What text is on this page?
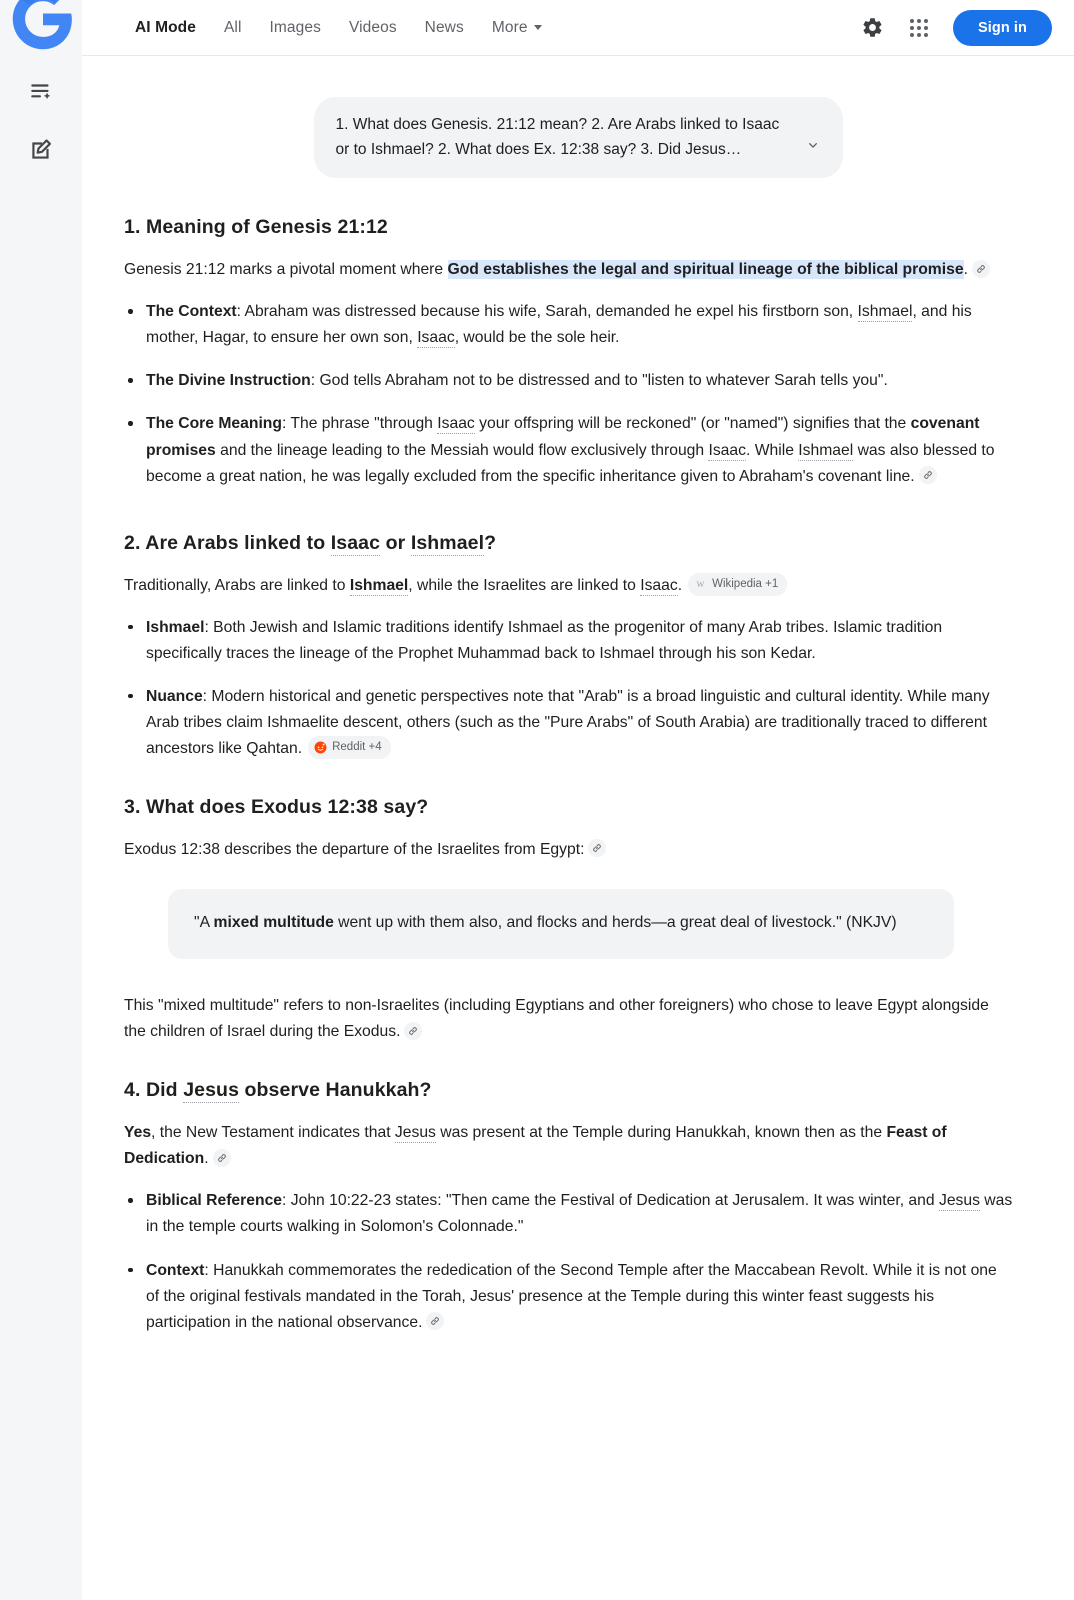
AI Mode	All	Images	Videos	News	More	Sign in
1. What does Genesis. 21:12 mean? 2. Are Arabs linked to Isaac or to Ishmael? 2. What does Ex. 12:38 say? 3. Did Jesus…
1. Meaning of Genesis 21:12

Genesis 21:12 marks a pivotal moment where God establishes the legal and spiritual lineage of the biblical promise.

The Context: Abraham was distressed because his wife, Sarah, demanded he expel his firstborn son, Ishmael, and his mother, Hagar, to ensure her own son, Isaac, would be the sole heir.
The Divine Instruction: God tells Abraham not to be distressed and to "listen to whatever Sarah tells you".
The Core Meaning: The phrase "through Isaac your offspring will be reckoned" (or "named") signifies that the covenant promises and the lineage leading to the Messiah would flow exclusively through Isaac. While Ishmael was also blessed to become a great nation, he was legally excluded from the specific inheritance given to Abraham's covenant line.
2. Are Arabs linked to Isaac or Ishmael?

Traditionally, Arabs are linked to Ishmael, while the Israelites are linked to Isaac. W Wikipedia +1

Ishmael: Both Jewish and Islamic traditions identify Ishmael as the progenitor of many Arab tribes. Islamic tradition specifically traces the lineage of the Prophet Muhammad back to Ishmael through his son Kedar.
Nuance: Modern historical and genetic perspectives note that "Arab" is a broad linguistic and cultural identity. While many Arab tribes claim Ishmaelite descent, others (such as the "Pure Arabs" of South Arabia) are traditionally traced to different ancestors like Qahtan.	Reddit +4
3. What does Exodus 12:38 say?

Exodus 12:38 describes the departure of the Israelites from Egypt:

"A mixed multitude went up with them also, and flocks and herds—a great deal of livestock." (NKJV)

This "mixed multitude" refers to non-Israelites (including Egyptians and other foreigners) who chose to leave Egypt alongside the children of Israel during the Exodus.

4. Did Jesus observe Hanukkah?

Yes, the New Testament indicates that Jesus was present at the Temple during Hanukkah, known then as the Feast of Dedication.

Biblical Reference: John 10:22-23 states: "Then came the Festival of Dedication at Jerusalem. It was winter, and Jesus was in the temple courts walking in Solomon's Colonnade."
Context: Hanukkah commemorates the rededication of the Second Temple after the Maccabean Revolt. While it is not one of the original festivals mandated in the Torah, Jesus' presence at the Temple during this winter feast suggests his participation in the national observance.
